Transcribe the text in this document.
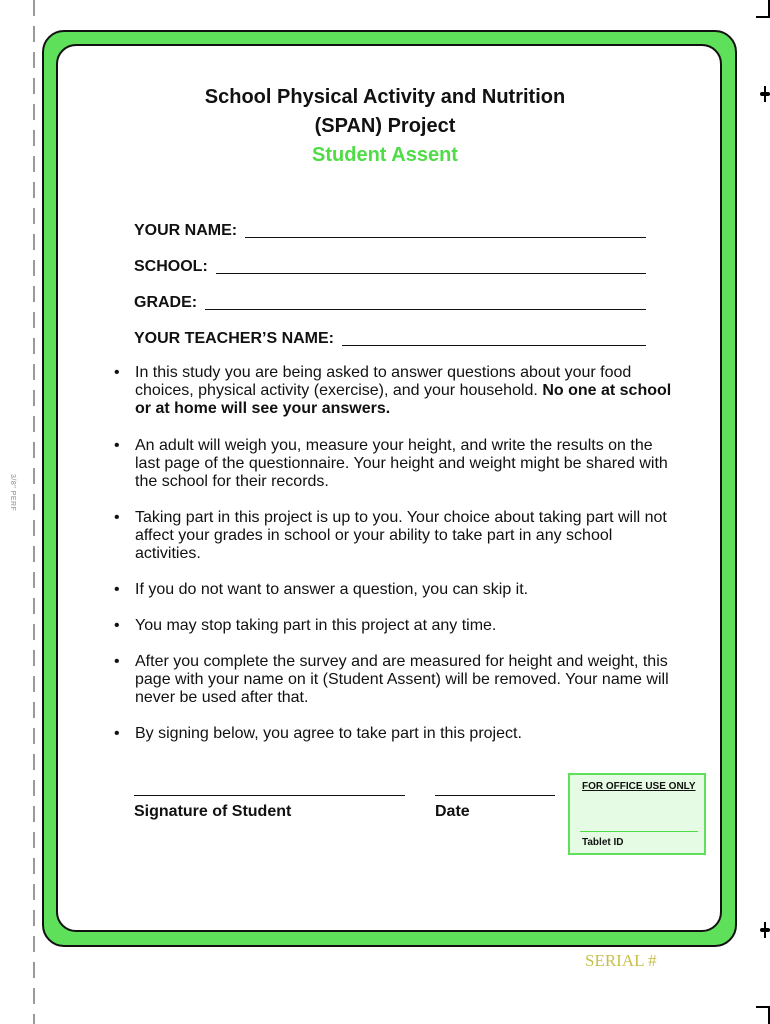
3/8" PERF
School Physical Activity and Nutrition
(SPAN) Project
Student Assent
YOUR NAME:
SCHOOL:
GRADE:
YOUR TEACHER’S NAME:
• In this study you are being asked to answer questions about your food choices, physical activity (exercise), and your household. No one at school or at home will see your answers.
• An adult will weigh you, measure your height, and write the results on the last page of the questionnaire. Your height and weight might be shared with the school for their records.
• Taking part in this project is up to you. Your choice about taking part will not affect your grades in school or your ability to take part in any school activities.
• If you do not want to answer a question, you can skip it.
• You may stop taking part in this project at any time.
• After you complete the survey and are measured for height and weight, this page with your name on it (Student Assent) will be removed. Your name will never be used after that.
• By signing below, you agree to take part in this project.
Signature of Student	Date
FOR OFFICE USE ONLY
Tablet ID
SERIAL #
